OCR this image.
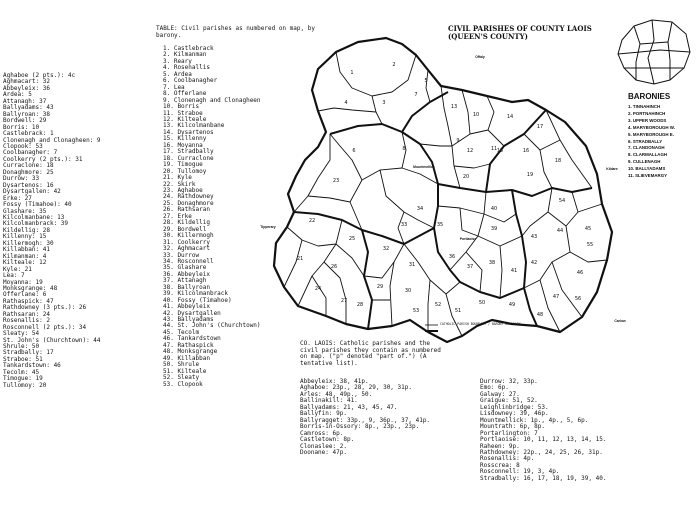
1
2
3
4
5
6
7
8
9
10
11
12
13
14
15	16
17
18
19
20
21
22
23
24
25
26
27
28
29
30
31
32
33
34
35
36
37
38
39
40
41
42
43
44	45
46
47
48
49
50
51
52
53
54
55
56
Offaly
Mountmellick
Portlaoise
Kildare
Tipperary
Carlow
CIVIL PARISHES OF COUNTY LAOIS
(QUEEN'S COUNTY)
CATHOLIC PARISH BOUNDARY / BARONY BOUNDARY
BARONIES
1. TINNAHINCH
2. PORTNAHINCH
3. UPPER WOODS
4. MARYBOROUGH W.
5. MARYBOROUGH E.
6. STRADBALLY
7. CLANDONAGH
8. CLARMALLAGH
9. CULLENAGH
10. BALLYADAMS
11. SLIEVEMARGY
TABLE: Civil parishes as numbered on map, by barony.
Aghaboe (2 pts.): 4c
Aghmacart: 32
Abbeyleix: 36
Ardea: 5
Attanagh: 37
Ballyadams: 43
Ballyroan: 38
Bordwell: 29
Borris: 10
Castlebrack: 1
Clonenagh and Clonagheen: 9
Clopook: 53
Coolbanagher: 7
Coolkerry (2 pts.): 31
Curraclone: 18
Donaghmore: 25
Durrow: 33
Dysartenos: 16
Dysartgallen: 42
Erke: 27
Fossy (Timahoe): 40
Glashare: 35
Kilcolmanbane: 13
Kilcolmanbrack: 39
Kildellig: 28
Killenny: 15
Killermogh: 30
Killabban: 41
Kilmanman: 4
Kilteale: 12
Kyle: 21
Lea: 7
Moyanna: 19
Monksgrange: 48
Offerlane: 6
Rathaspick: 47
Rathdowney (3 pts.): 26
Rathsaran: 24
Rosenallis: 2
Rosconnell (2 pts.): 34
Sleaty: 54
St. John's (Churchtown): 44
Shrule: 50
Stradbally: 17
Straboe: 51
Tankardstown: 46
Tecolm: 45
Timogue: 19
Tullomoy: 20
1. Castlebrack
2. Kilmanman
3. Reary
4. Rosenallis
5. Ardea
6. Coolbanagher
7. Lea
8. Offerlane
9. Clonenagh and Clonagheen
10. Borris
11. Straboe
12. Kilteale
13. Kilcolmanbane
14. Dysartenos
15. Killenny
16. Moyanna
17. Stradbally
18. Curraclone
19. Timogue
20. Tullomoy
21. Kyle
22. Skirk
23. Aghaboe
24. Rathdowney
25. Donaghmore
26. Rathsaran
27. Erke
28. Kildellig
29. Bordwell
30. Killermogh
31. Coolkerry
32. Aghmacart
33. Durrow
34. Rosconnell
35. Glashare
36. Abbeyleix
37. Attanagh
38. Ballyroan
39. Kilcolmanbrack
40. Fossy (Timahoe)
41. Abbeyleix
42. Dysartgallen
43. Ballyadams
44. St. John's (Churchtown)
45. Tecolm
46. Tankardstown
47. Rathaspick
48. Monksgrange
49. Killabban
50. Shrule
51. Kilteale
52. Sleaty
53. Clopook
CO. LAOIS: Catholic parishes and the civil parishes they contain as numbered on map. ("p" denoted "part of.") (A tentative list).
Abbeyleix: 38, 41p.
Aghaboe: 23p., 28, 29, 30, 31p.
Arles: 48, 49p., 50.
Ballinakill: 41.
Ballyadams: 21, 43, 45, 47.
Ballyfin: 9p.
Ballyragget: 33p., 9, 36p., 37, 41p.
Borris-in-Ossory: 8p., 23p., 23p.
Camross: 6p.
Castletown: 8p.
Clonaslee: 2.
Doonane: 47p.
Durrow: 32, 33p.
Emo: 6p.
Galway: 27.
Graigue: 51, 52.
Leighlinbridge: 53.
Lisdowney: 39, 46p.
Mountmellick: 1p., 4p., 5, 6p.
Mountrath: 6p, 8p.
Portarlington: 7
Portlaoise: 10, 11, 12, 13, 14, 15.
Raheen: 9p.
Rathdowney: 22p., 24, 25, 26, 31p.
Rosenallis: 4p.
Rosscrea: 8
Rosconnell: 19, 3, 4p.
Stradbally: 16, 17, 18, 19, 39, 40.
